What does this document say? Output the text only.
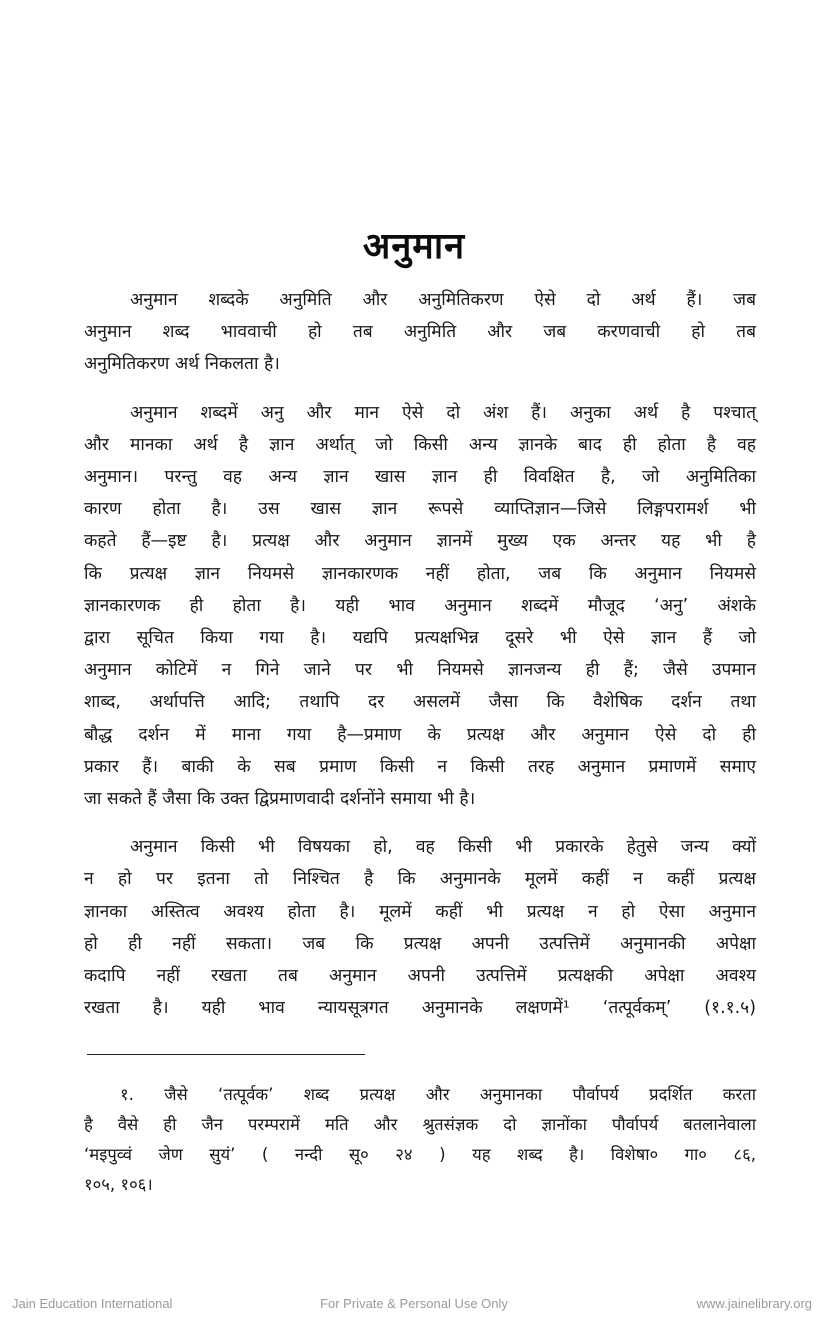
अनुमान

अनुमान शब्दके अनुमिति और अनुमितिकरण ऐसे दो अर्थ हैं। जब
अनुमान शब्द भाववाची हो तब अनुमिति और जब करणवाची हो तब
अनुमितिकरण अर्थ निकलता है।

अनुमान शब्दमें अनु और मान ऐसे दो अंश हैं। अनुका अर्थ है पश्चात्
और मानका अर्थ है ज्ञान अर्थात् जो किसी अन्य ज्ञानके बाद ही होता है वह
अनुमान। परन्तु वह अन्य ज्ञान खास ज्ञान ही विवक्षित है, जो अनुमितिका
कारण होता है। उस खास ज्ञान रूपसे व्याप्तिज्ञान—जिसे लिङ्गपरामर्श भी
कहते हैं—इष्ट है। प्रत्यक्ष और अनुमान ज्ञानमें मुख्य एक अन्तर यह भी है
कि प्रत्यक्ष ज्ञान नियमसे ज्ञानकारणक नहीं होता, जब कि अनुमान नियमसे
ज्ञानकारणक ही होता है। यही भाव अनुमान शब्दमें मौजूद ‘अनु’ अंशके
द्वारा सूचित किया गया है। यद्यपि प्रत्यक्षभिन्न दूसरे भी ऐसे ज्ञान हैं जो
अनुमान कोटिमें न गिने जाने पर भी नियमसे ज्ञानजन्य ही हैं; जैसे उपमान
शाब्द, अर्थापत्ति आदि; तथापि दर असलमें जैसा कि वैशेषिक दर्शन तथा
बौद्ध दर्शन में माना गया है—प्रमाण के प्रत्यक्ष और अनुमान ऐसे दो ही
प्रकार हैं। बाकी के सब प्रमाण किसी न किसी तरह अनुमान प्रमाणमें समाए
जा सकते हैं जैसा कि उक्त द्विप्रमाणवादी दर्शनोंने समाया भी है।

अनुमान किसी भी विषयका हो, वह किसी भी प्रकारके हेतुसे जन्य क्यों
न हो पर इतना तो निश्चित है कि अनुमानके मूलमें कहीं न कहीं प्रत्यक्ष
ज्ञानका अस्तित्व अवश्य होता है। मूलमें कहीं भी प्रत्यक्ष न हो ऐसा अनुमान
हो ही नहीं सकता। जब कि प्रत्यक्ष अपनी उत्पत्तिमें अनुमानकी अपेक्षा
कदापि नहीं रखता तब अनुमान अपनी उत्पत्तिमें प्रत्यक्षकी अपेक्षा अवश्य
रखता है। यही भाव न्यायसूत्रगत अनुमानके लक्षणमें¹ ‘तत्पूर्वकम्’ (१.१.५)

१. जैसे ‘तत्पूर्वक’ शब्द प्रत्यक्ष और अनुमानका पौर्वापर्य प्रदर्शित करता
है वैसे ही जैन परम्परामें मति और श्रुतसंज्ञक दो ज्ञानोंका पौर्वापर्य बतलानेवाला
‘मइपुव्वं जेण सुयं’ ( नन्दी सू० २४ ) यह शब्द है। विशेषा० गा० ८६,
१०५, १०६।

For Private & Personal Use Only
Jain Education International	www.jainelibrary.org
